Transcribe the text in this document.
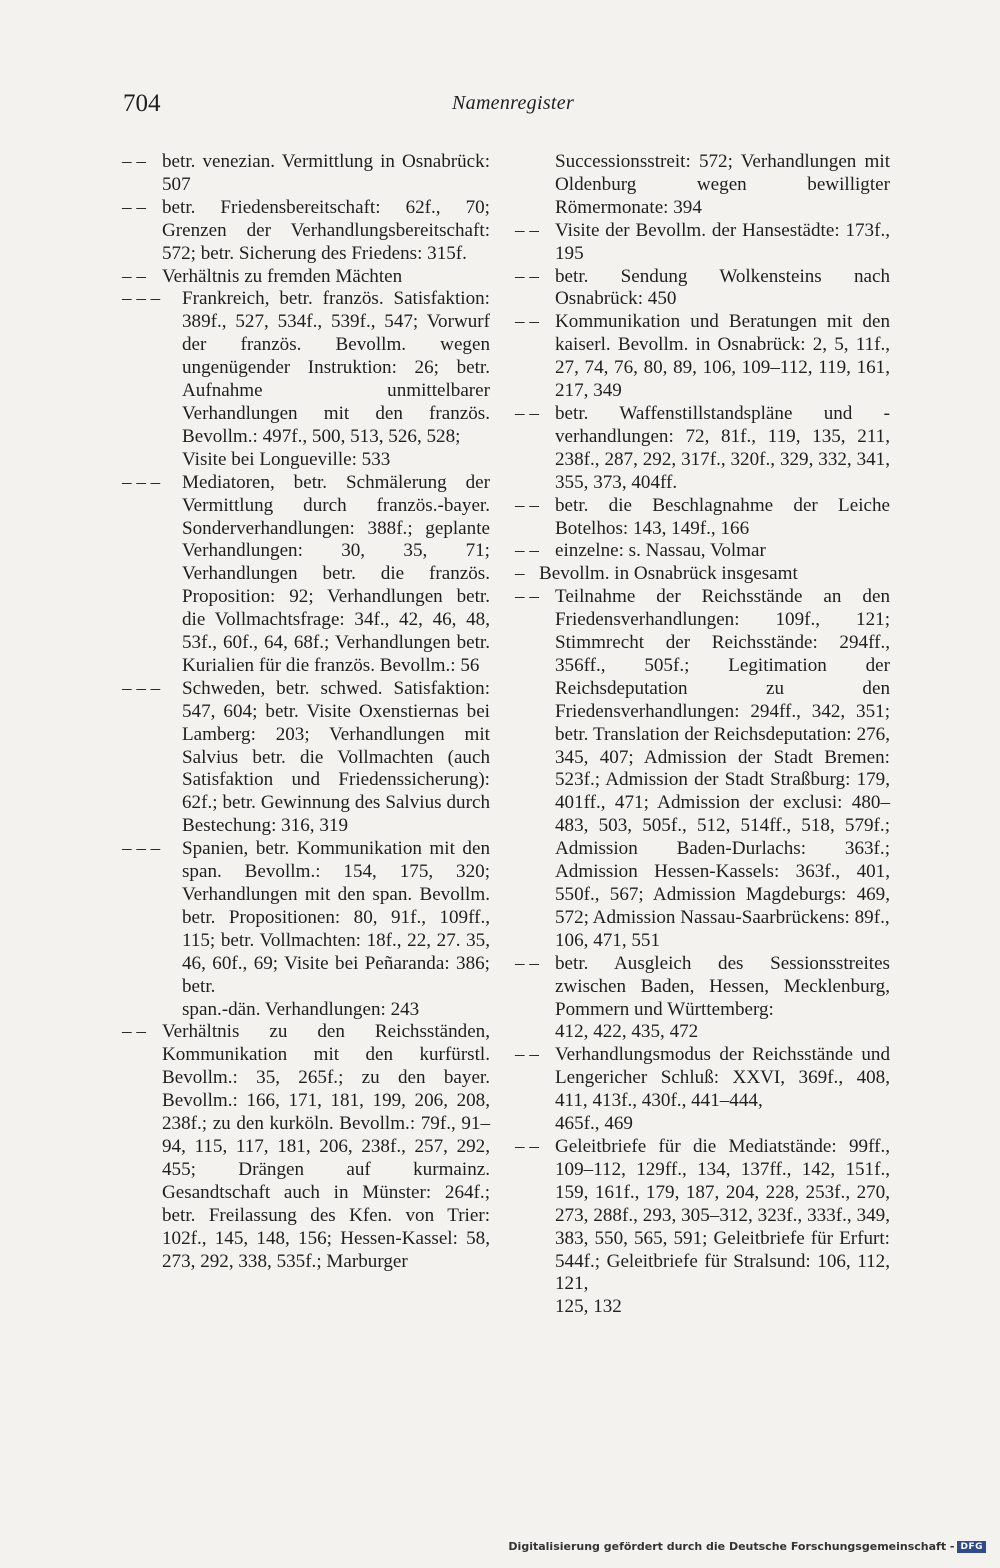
704	Namenregister
– – betr. venezian. Vermittlung in Osnabrück: 507
– – betr. Friedensbereitschaft: 62f., 70; Grenzen der Verhandlungsbereitschaft: 572; betr. Sicherung des Friedens: 315f.
– – Verhältnis zu fremden Mächten
– – – Frankreich, betr. französ. Satisfaktion: 389f., 527, 534f., 539f., 547; Vorwurf der französ. Bevollm. wegen ungenügender Instruktion: 26; betr. Aufnahme unmittelbarer Verhandlungen mit den französ. Bevollm.: 497f., 500, 513, 526, 528;
Visite bei Longueville: 533
– – – Mediatoren, betr. Schmälerung der Vermittlung durch französ.-bayer. Sonderverhandlungen: 388f.; geplante Verhandlungen: 30, 35, 71; Verhandlungen betr. die französ. Proposition: 92; Verhandlungen betr. die Vollmachtsfrage: 34f., 42, 46, 48, 53f., 60f., 64, 68f.; Verhandlungen betr. Kurialien für die französ. Bevollm.: 56
– – – Schweden, betr. schwed. Satisfaktion: 547, 604; betr. Visite Oxenstiernas bei Lamberg: 203; Verhandlungen mit Salvius betr. die Vollmachten (auch Satisfaktion und Friedenssicherung): 62f.; betr. Gewinnung des Salvius durch Bestechung: 316, 319
– – – Spanien, betr. Kommunikation mit den span. Bevollm.: 154, 175, 320; Verhandlungen mit den span. Bevollm. betr. Propositionen: 80, 91f., 109ff., 115; betr. Vollmachten: 18f., 22, 27. 35, 46, 60f., 69; Visite bei Peñaranda: 386; betr.
span.-dän. Verhandlungen: 243
– – Verhältnis zu den Reichsständen, Kommunikation mit den kurfürstl. Bevollm.: 35, 265f.; zu den bayer. Bevollm.: 166, 171, 181, 199, 206, 208, 238f.; zu den kurköln. Bevollm.: 79f., 91–94, 115, 117, 181, 206, 238f., 257, 292, 455; Drängen auf kurmainz. Gesandtschaft auch in Münster: 264f.; betr. Freilassung des Kfen. von Trier: 102f., 145, 148, 156; Hessen-Kassel: 58, 273, 292, 338, 535f.; Marburger
Successionsstreit: 572; Verhandlungen mit Oldenburg wegen bewilligter Römermonate: 394
– – Visite der Bevollm. der Hansestädte: 173f., 195
– – betr. Sendung Wolkensteins nach Osnabrück: 450
– – Kommunikation und Beratungen mit den kaiserl. Bevollm. in Osnabrück: 2, 5, 11f., 27, 74, 76, 80, 89, 106, 109–112, 119, 161, 217, 349
– – betr. Waffenstillstandspläne und -verhandlungen: 72, 81f., 119, 135, 211, 238f., 287, 292, 317f., 320f., 329, 332, 341, 355, 373, 404ff.
– – betr. die Beschlagnahme der Leiche Botelhos: 143, 149f., 166
– – einzelne: s. Nassau, Volmar
– Bevollm. in Osnabrück insgesamt
– – Teilnahme der Reichsstände an den Friedensverhandlungen: 109f., 121; Stimmrecht der Reichsstände: 294ff., 356ff., 505f.; Legitimation der Reichsdeputation zu den Friedensverhandlungen: 294ff., 342, 351; betr. Translation der Reichsdeputation: 276, 345, 407; Admission der Stadt Bremen: 523f.; Admission der Stadt Straßburg: 179, 401ff., 471; Admission der exclusi: 480–483, 503, 505f., 512, 514ff., 518, 579f.; Admission Baden-Durlachs: 363f.; Admission Hessen-Kassels: 363f., 401, 550f., 567; Admission Magdeburgs: 469, 572; Admission Nassau-Saarbrückens: 89f.,
106, 471, 551
– – betr. Ausgleich des Sessionsstreites zwischen Baden, Hessen, Mecklenburg, Pommern und Württemberg:
412, 422, 435, 472
– – Verhandlungsmodus der Reichsstände und Lengericher Schluß: XXVI, 369f., 408, 411, 413f., 430f., 441–444,
465f., 469
– – Geleitbriefe für die Mediatstände: 99ff., 109–112, 129ff., 134, 137ff., 142, 151f., 159, 161f., 179, 187, 204, 228, 253f., 270, 273, 288f., 293, 305–312, 323f., 333f., 349, 383, 550, 565, 591; Geleitbriefe für Erfurt: 544f.; Geleitbriefe für Stralsund: 106, 112, 121,
125, 132
Digitalisierung gefördert durch die Deutsche Forschungsgemeinschaft - DFG
